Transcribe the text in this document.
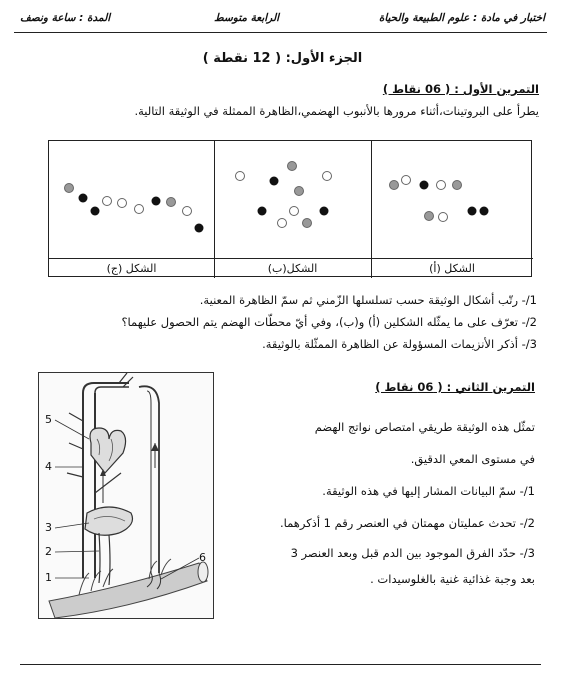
اختبار في مادة : علوم الطبيعة والحياة
الرابعة متوسط
المدة : ساعة ونصف
الجزء الأول: ( 12 نقطة )
التمرين الأول : ( 06 نقاط )
يطرأ على البروتينات،أثناء مرورها بالأنبوب الهضمي،الظاهرة الممثلة في الوثيقة التالية.
الشكل (ج)	الشكل(ب)	الشكل (أ)
1/- رتّب أشكال الوثيقة حسب تسلسلها الزّمني ثم سمّ الظاهرة المعنية.
2/- تعرّف على ما يمثّله الشكلين (أ) و(ب)، وفي أيّ محطّات الهضم يتم الحصول عليهما؟
3/- أذكر الأنزيمات المسؤولة عن الظاهرة الممثّلة بالوثيقة.
التمرين الثاني : ( 06 نقاط )
تمثّل هذه الوثيقة طريقي امتصاص نواتج الهضم
في مستوى المعي الدقيق.
1/- سمّ البيانات المشار إليها في هذه الوثيقة.
2/- تحدث عمليتان مهمتان في العنصر رقم 1 أذكرهما.
3/- حدّد الفرق الموجود بين الدم قبل وبعد العنصر 3
بعد وجبة غذائية غنية بالغلوسيدات .
5
4
3
2
1
6
